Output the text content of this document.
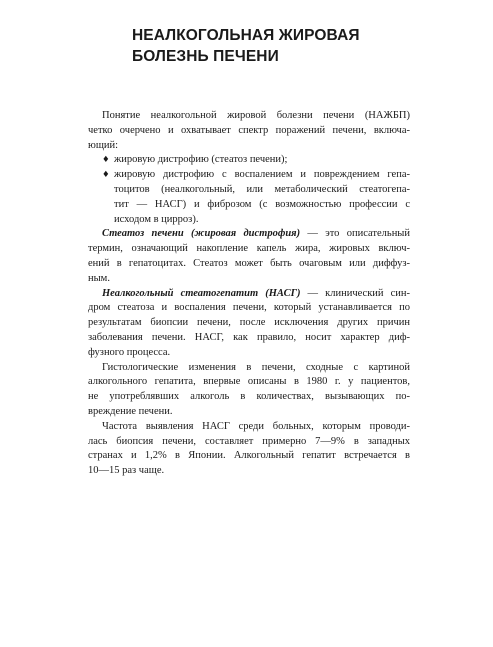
НЕАЛКОГОЛЬНАЯ ЖИРОВАЯ
БОЛЕЗНЬ ПЕЧЕНИ
Понятие неалкогольной жировой болезни печени (НАЖБП)
четко очерчено и охватывает спектр поражений печени, включа-
ющий:
♦ жировую дистрофию (стеатоз печени);
♦ жировую дистрофию с воспалением и повреждением гепа-
тоцитов (неалкогольный, или метаболический стеатогепа-
тит — НАСГ) и фиброзом (с возможностью профессии с
исходом в цирроз).
Стеатоз печени (жировая дистрофия) — это описательный
термин, означающий накопление капель жира, жировых включ-
ений в гепатоцитах. Стеатоз может быть очаговым или диффуз-
ным.
Неалкогольный стеатогепатит (НАСГ) — клинический син-
дром стеатоза и воспаления печени, который устанавливается по
результатам биопсии печени, после исключения других причин
заболевания печени. НАСГ, как правило, носит характер диф-
фузного процесса.
Гистологические изменения в печени, сходные с картиной
алкогольного гепатита, впервые описаны в 1980 г. у пациентов,
не употреблявших алкоголь в количествах, вызывающих по-
вреждение печени.
Частота выявления НАСГ среди больных, которым проводи-
лась биопсия печени, составляет примерно 7—9% в западных
странах и 1,2% в Японии. Алкогольный гепатит встречается в
10—15 раз чаще.
